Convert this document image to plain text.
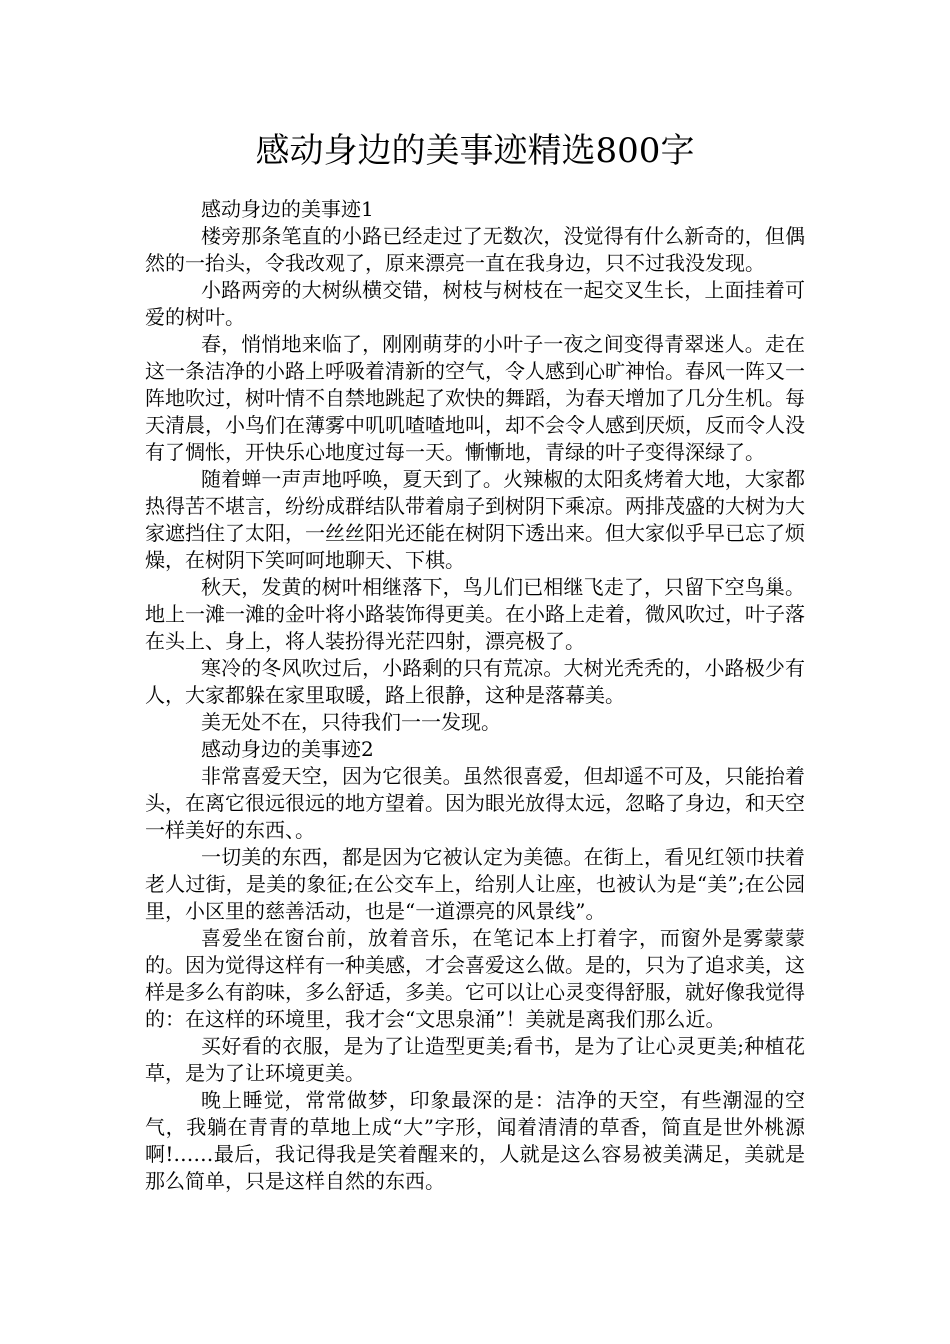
感动身边的美事迹精选800字

感动身边的美事迹1

楼旁那条笔直的小路已经走过了无数次，没觉得有什么新奇的，但偶然的一抬头，令我改观了，原来漂亮一直在我身边，只不过我没发现。

小路两旁的大树纵横交错，树枝与树枝在一起交叉生长，上面挂着可爱的树叶。

春，悄悄地来临了，刚刚萌芽的小叶子一夜之间变得青翠迷人。走在这一条洁净的小路上呼吸着清新的空气，令人感到心旷神怡。春风一阵又一阵地吹过，树叶情不自禁地跳起了欢快的舞蹈，为春天增加了几分生机。每天清晨，小鸟们在薄雾中叽叽喳喳地叫，却不会令人感到厌烦，反而令人没有了惆怅，开快乐心地度过每一天。慚慚地，青绿的叶子变得深绿了。

随着蝉一声声地呼唤，夏天到了。火辣椒的太阳炙烤着大地，大家都热得苦不堪言，纷纷成群结队带着扇子到树阴下乘凉。两排茂盛的大树为大家遮挡住了太阳，一丝丝阳光还能在树阴下透出来。但大家似乎早已忘了烦燥，在树阴下笑呵呵地聊天、下棋。

秋天，发黄的树叶相继落下，鸟儿们已相继飞走了，只留下空鸟巢。地上一滩一滩的金叶将小路装饰得更美。在小路上走着，微风吹过，叶子落在头上、身上，将人装扮得光茫四射，漂亮极了。

寒冷的冬风吹过后，小路剩的只有荒凉。大树光秃秃的，小路极少有人，大家都躲在家里取暖，路上很静，这种是落幕美。

美无处不在，只待我们一一发现。

感动身边的美事迹2

非常喜爱天空，因为它很美。虽然很喜爱，但却遥不可及，只能抬着头，在离它很远很远的地方望着。因为眼光放得太远，忽略了身边，和天空一样美好的东西、。

一切美的东西，都是因为它被认定为美德。在街上，看见红领巾扶着老人过街，是美的象征;在公交车上，给别人让座，也被认为是“美”;在公园里，小区里的慈善活动，也是“一道漂亮的风景线”。

喜爱坐在窗台前，放着音乐，在笔记本上打着字，而窗外是雾蒙蒙的。因为觉得这样有一种美感，才会喜爱这么做。是的，只为了追求美，这样是多么有韵味，多么舒适，多美。它可以让心灵变得舒服，就好像我觉得的：在这样的环境里，我才会“文思泉涌”！美就是离我们那么近。

买好看的衣服，是为了让造型更美;看书，是为了让心灵更美;种植花草，是为了让环境更美。

晚上睡觉，常常做梦，印象最深的是：洁净的天空，有些潮湿的空气，我躺在青青的草地上成“大”字形，闻着清清的草香，简直是世外桃源啊!……最后，我记得我是笑着醒来的，人就是这么容易被美满足，美就是那么简单，只是这样自然的东西。
